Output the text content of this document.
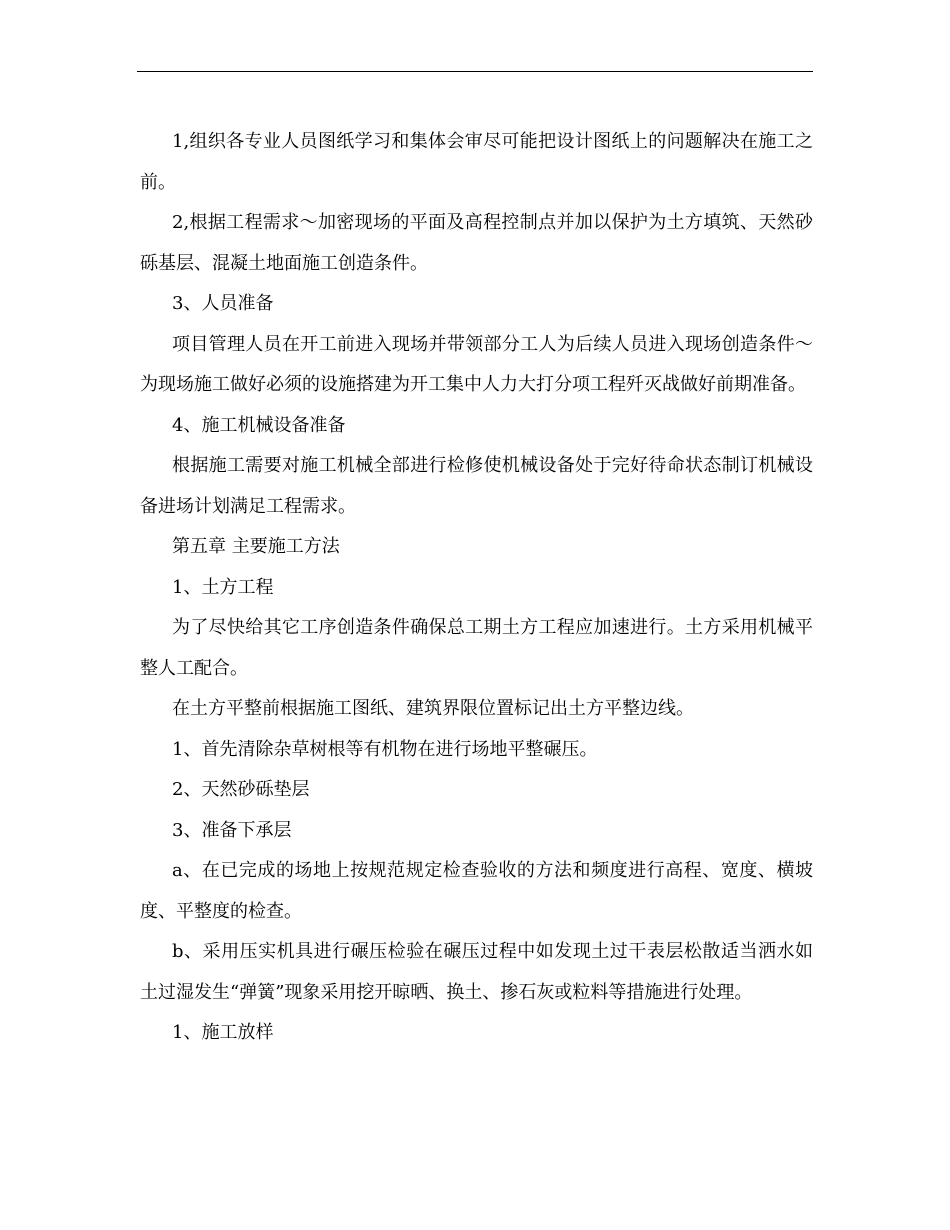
1,组织各专业人员图纸学习和集体会审尽可能把设计图纸上的问题解决在施工之前。

2,根据工程需求～加密现场的平面及高程控制点并加以保护为土方填筑、天然砂砾基层、混凝土地面施工创造条件。

3、人员准备

项目管理人员在开工前进入现场并带领部分工人为后续人员进入现场创造条件～为现场施工做好必须的设施搭建为开工集中人力大打分项工程歼灭战做好前期准备。

4、施工机械设备准备

根据施工需要对施工机械全部进行检修使机械设备处于完好待命状态制订机械设备进场计划满足工程需求。

第五章 主要施工方法

1、土方工程

为了尽快给其它工序创造条件确保总工期土方工程应加速进行。土方采用机械平整人工配合。

在土方平整前根据施工图纸、建筑界限位置标记出土方平整边线。

1、首先清除杂草树根等有机物在进行场地平整碾压。

2、天然砂砾垫层

3、准备下承层

a、在已完成的场地上按规范规定检查验收的方法和频度进行高程、宽度、横坡度、平整度的检查。

b、采用压实机具进行碾压检验在碾压过程中如发现土过干表层松散适当洒水如土过湿发生“弹簧”现象采用挖开晾晒、换土、掺石灰或粒料等措施进行处理。

1、施工放样
